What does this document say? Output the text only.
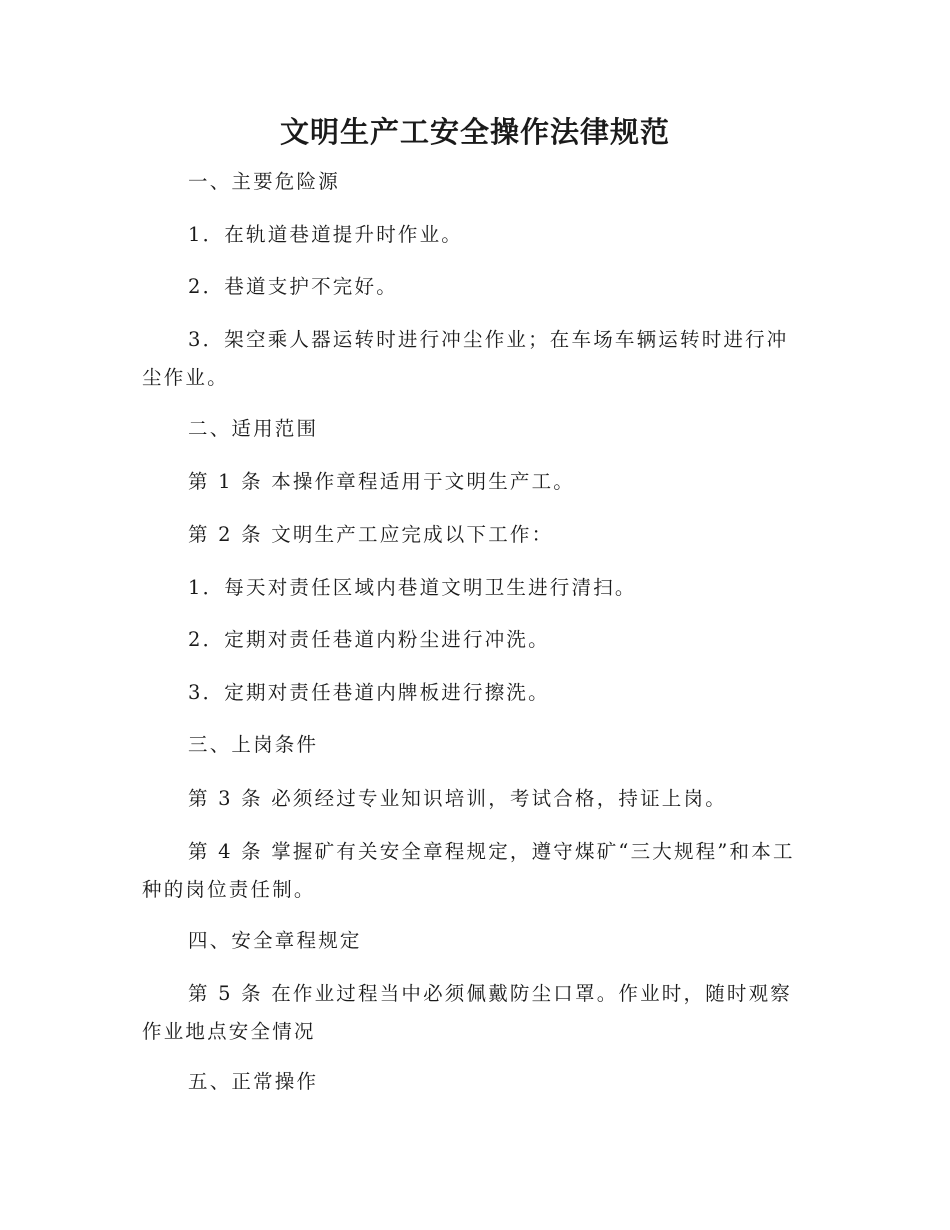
文明生产工安全操作法律规范

一、主要危险源

1．在轨道巷道提升时作业。

2．巷道支护不完好。

3．架空乘人器运转时进行冲尘作业；在车场车辆运转时进行冲尘作业。

二、适用范围

第 1 条 本操作章程适用于文明生产工。

第 2 条 文明生产工应完成以下工作：

1．每天对责任区域内巷道文明卫生进行清扫。

2．定期对责任巷道内粉尘进行冲洗。

3．定期对责任巷道内牌板进行擦洗。

三、上岗条件

第 3 条 必须经过专业知识培训，考试合格，持证上岗。

第 4 条 掌握矿有关安全章程规定，遵守煤矿“三大规程”和本工种的岗位责任制。

四、安全章程规定

第 5 条 在作业过程当中必须佩戴防尘口罩。作业时，随时观察作业地点安全情况

五、正常操作
